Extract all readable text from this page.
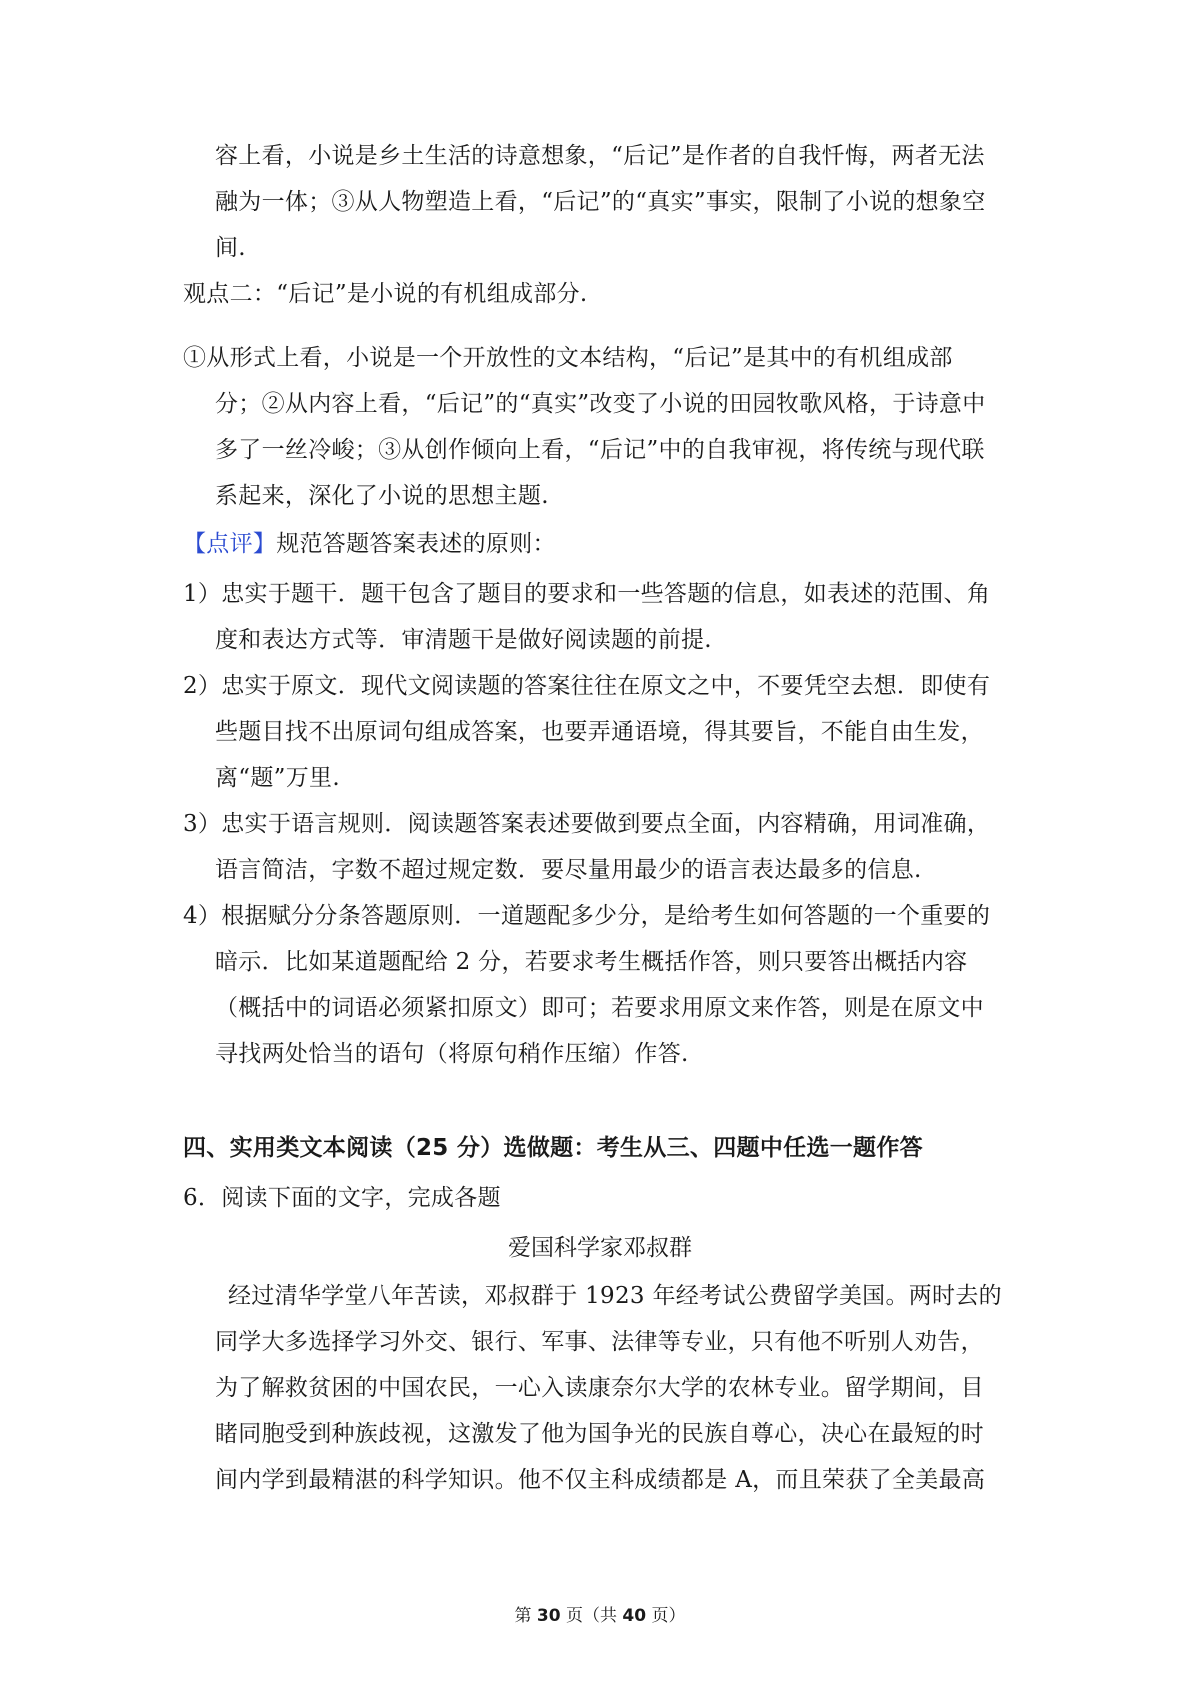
容上看，小说是乡土生活的诗意想象，“后记”是作者的自我忏悔，两者无法
融为一体；③从人物塑造上看，“后记”的“真实”事实，限制了小说的想象空
间.
观点二：“后记”是小说的有机组成部分.
①从形式上看，小说是一个开放性的文本结构，“后记”是其中的有机组成部
分；②从内容上看，“后记”的“真实”改变了小说的田园牧歌风格，于诗意中
多了一丝冷峻；③从创作倾向上看，“后记”中的自我审视，将传统与现代联
系起来，深化了小说的思想主题.
【点评】规范答题答案表述的原则：
1）忠实于题干．题干包含了题目的要求和一些答题的信息，如表述的范围、角
度和表达方式等．审清题干是做好阅读题的前提.
2）忠实于原文．现代文阅读题的答案往往在原文之中，不要凭空去想．即使有
些题目找不出原词句组成答案，也要弄通语境，得其要旨，不能自由生发，
离“题”万里.
3）忠实于语言规则．阅读题答案表述要做到要点全面，内容精确，用词准确，
语言简洁，字数不超过规定数．要尽量用最少的语言表达最多的信息.
4）根据赋分分条答题原则．一道题配多少分，是给考生如何答题的一个重要的
暗示．比如某道题配给 2 分，若要求考生概括作答，则只要答出概括内容
（概括中的词语必须紧扣原文）即可；若要求用原文来作答，则是在原文中
寻找两处恰当的语句（将原句稍作压缩）作答.
四、实用类文本阅读（25 分）选做题：考生从三、四题中任选一题作答
6．阅读下面的文字，完成各题
爱国科学家邓叔群
经过清华学堂八年苦读，邓叔群于 1923 年经考试公费留学美国。两时去的
同学大多选择学习外交、银行、军事、法律等专业，只有他不听别人劝告，
为了解救贫困的中国农民，一心入读康奈尔大学的农林专业。留学期间，目
睹同胞受到种族歧视，这激发了他为国争光的民族自尊心，决心在最短的时
间内学到最精湛的科学知识。他不仅主科成绩都是 A，而且荣获了全美最高
第 30 页（共 40 页）
